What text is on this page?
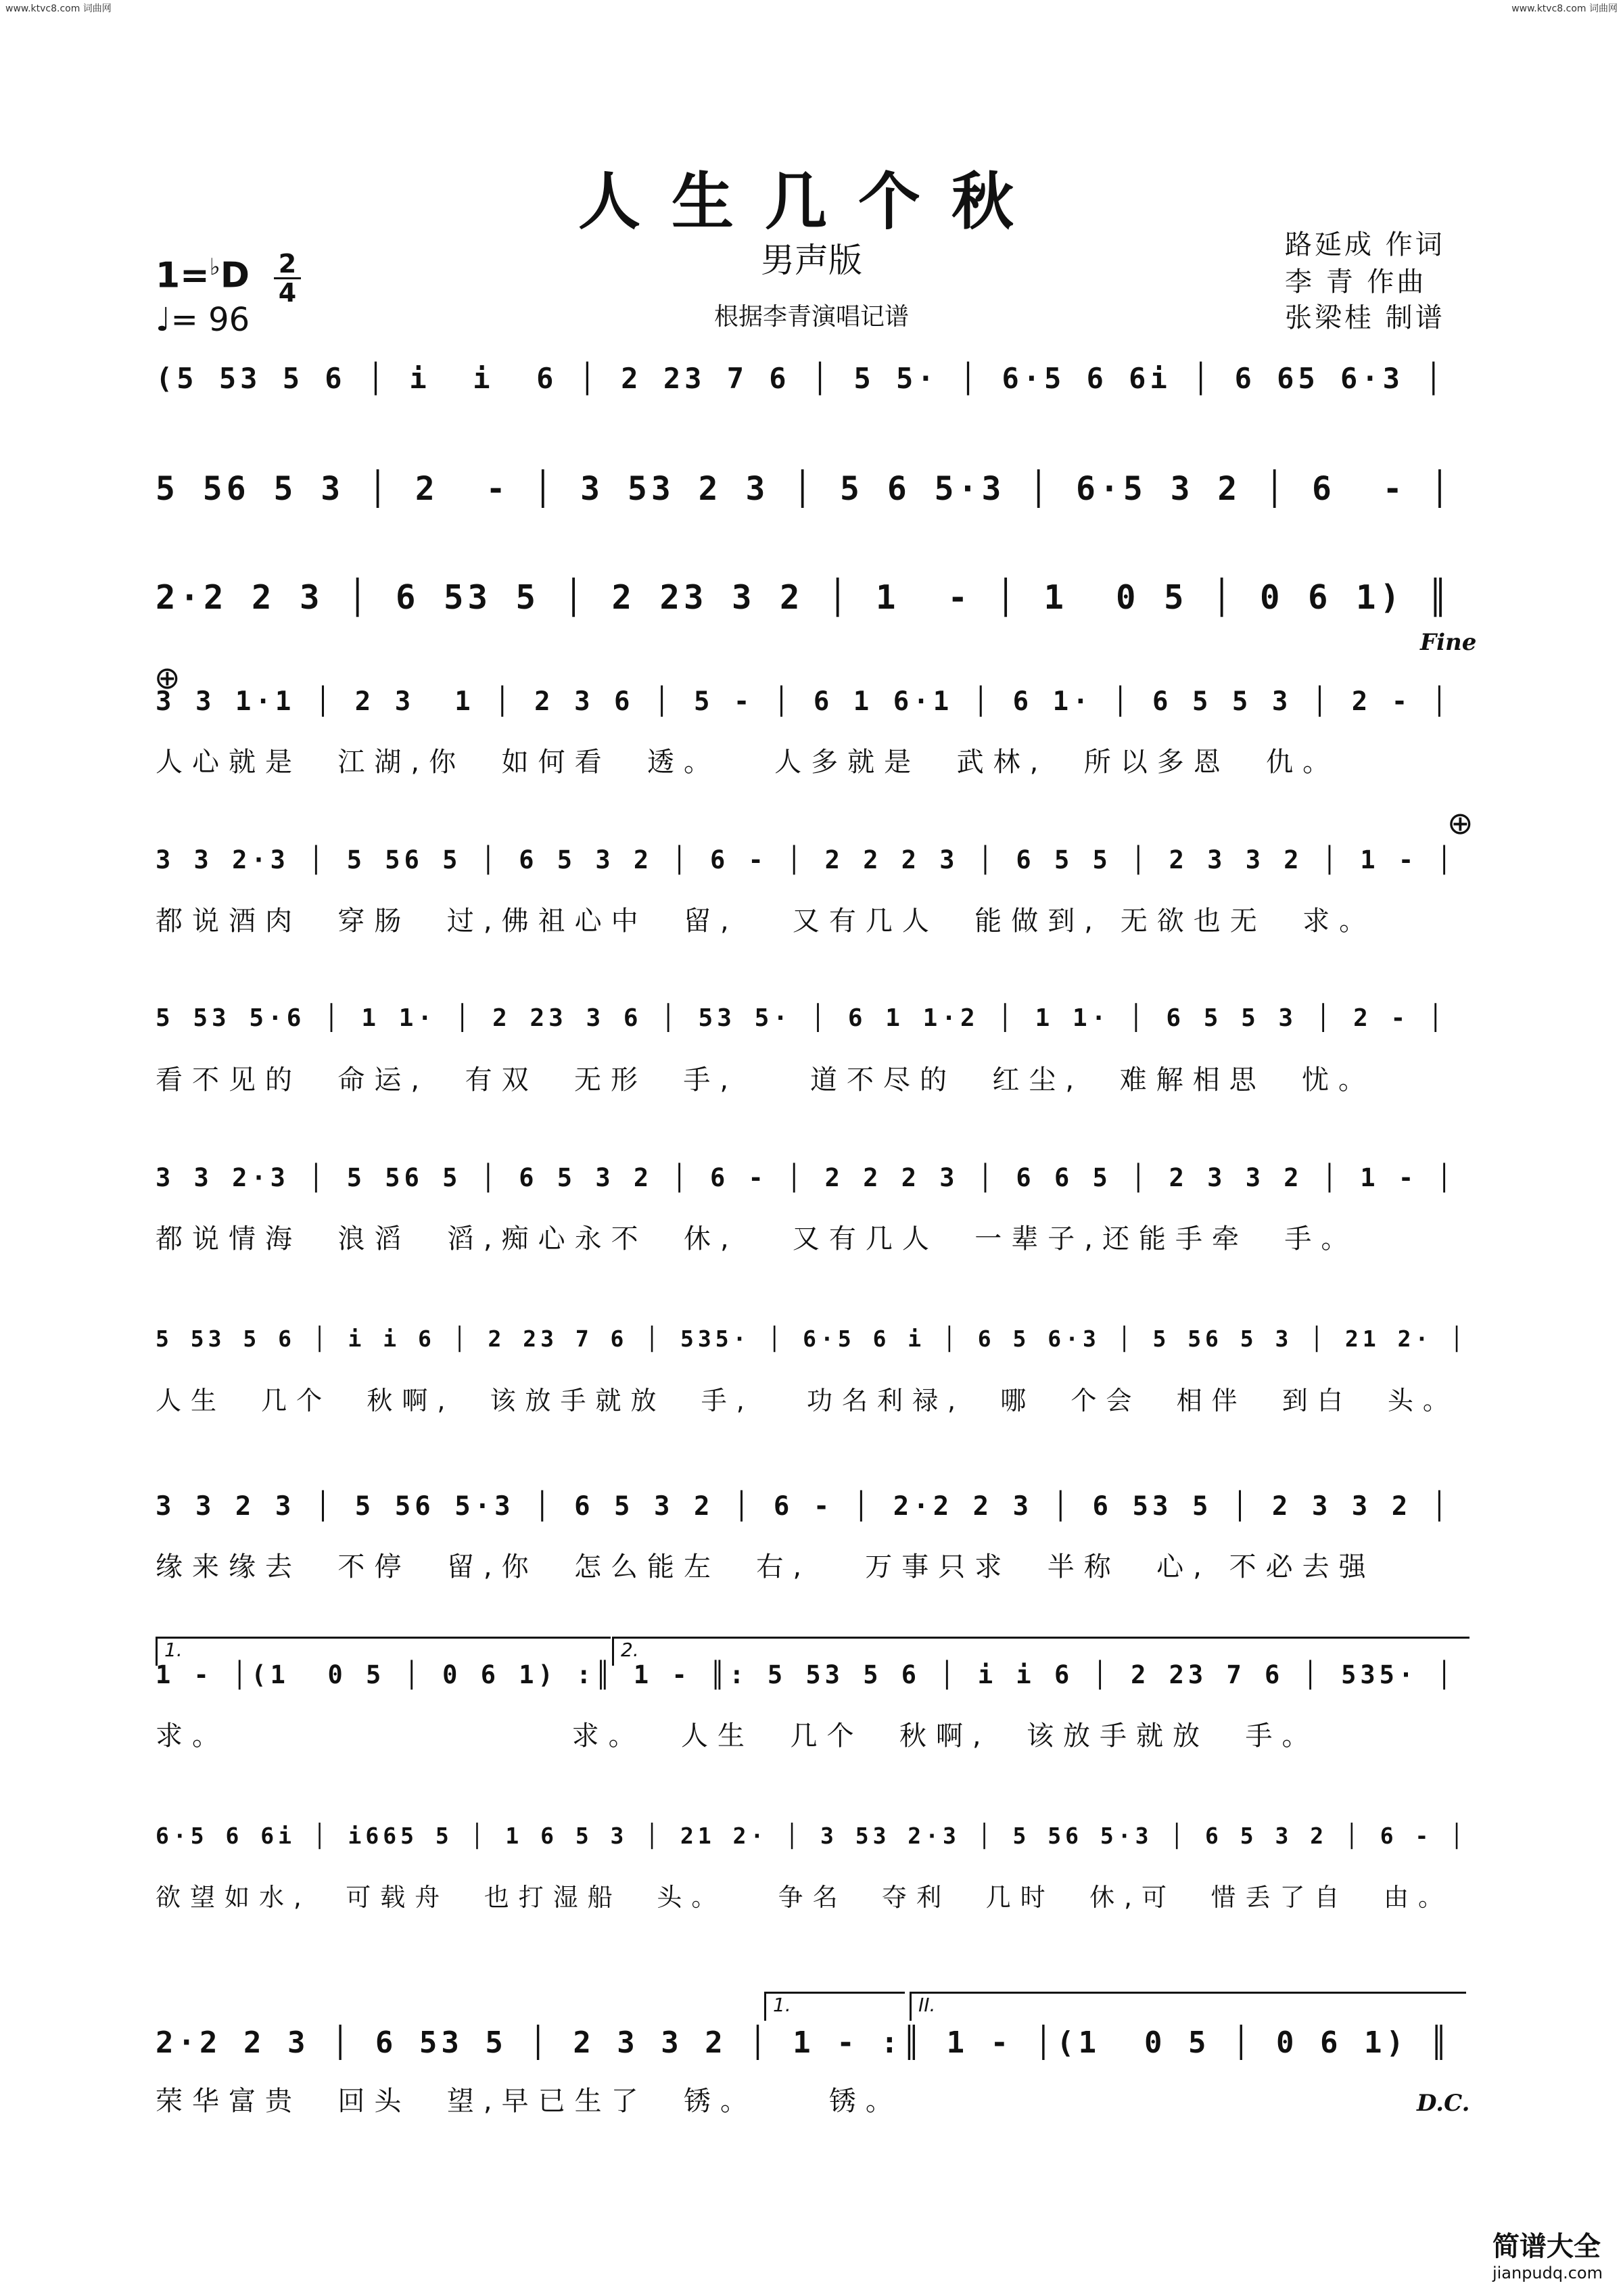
www.ktvc8.com 词曲网	www.ktvc8.com 词曲网
人生几个秋
男声版
根据李青演唱记谱
路延成 作词
李 青 作曲
张梁桂 制谱
1=♭D 2
4
♩= 96
(5 53 5 6 │ i  i  6 │ 2 23 7 6 │ 5 5· │ 6·5 6 6i │ 6 65 6·3 │
5 56 5 3 │ 2  - │ 3 53 2 3 │ 5 6 5·3 │ 6·5 3 2 │ 6  - │
2·2 2 3 │ 6 53 5 │ 2 23 3 2 │ 1  - │ 1  0 5 │ 0 6 1) ║
3 3 1·1 │ 2 3  1 │ 2 3 6 │ 5 - │ 6 1 6·1 │ 6 1· │ 6 5 5 3 │ 2 - │
人心就是  江湖,你  如何看  透。   人多就是  武林,  所以多恩  仇。
3 3 2·3 │ 5 56 5 │ 6 5 3 2 │ 6 - │ 2 2 2 3 │ 6 5 5 │ 2 3 3 2 │ 1 - │
都说酒肉  穿肠  过,佛祖心中  留,   又有几人  能做到, 无欲也无  求。
5 53 5·6 │ 1 1· │ 2 23 3 6 │ 53 5· │ 6 1 1·2 │ 1 1· │ 6 5 5 3 │ 2 - │
看不见的  命运,  有双  无形  手,    道不尽的  红尘,  难解相思  忧。
3 3 2·3 │ 5 56 5 │ 6 5 3 2 │ 6 - │ 2 2 2 3 │ 6 6 5 │ 2 3 3 2 │ 1 - │
都说情海  浪滔  滔,痴心永不  休,   又有几人  一辈子,还能手牵  手。
5 53 5 6 │ i i 6 │ 2 23 7 6 │ 535· │ 6·5 6 i │ 6 5 6·3 │ 5 56 5 3 │ 21 2· │
人生  几个  秋啊,  该放手就放  手,   功名利禄,  哪  个会  相伴  到白  头。
3 3 2 3 │ 5 56 5·3 │ 6 5 3 2 │ 6 - │ 2·2 2 3 │ 6 53 5 │ 2 3 3 2 │
缘来缘去  不停  留,你  怎么能左  右,   万事只求  半称  心, 不必去强
1 - │(1  0 5 │ 0 6 1) :║ 1 - ║: 5 53 5 6 │ i i 6 │ 2 23 7 6 │ 535· │
求。                   求。  人生  几个  秋啊,  该放手就放  手。
6·5 6 6i │ i665 5 │ 1 6 5 3 │ 21 2· │ 3 53 2·3 │ 5 56 5·3 │ 6 5 3 2 │ 6 - │
欲望如水,  可载舟  也打湿船  头。   争名  夺利  几时  休,可  惜丢了自  由。
2·2 2 3 │ 6 53 5 │ 2 3 3 2 │ 1 - :║ 1 - │(1  0 5 │ 0 6 1) ║
荣华富贵  回头  望,早已生了  锈。    锈。
Fine
⊕
⊕
D.C.
1.	2.
1.	II.
简谱大全
jianpudq.com
